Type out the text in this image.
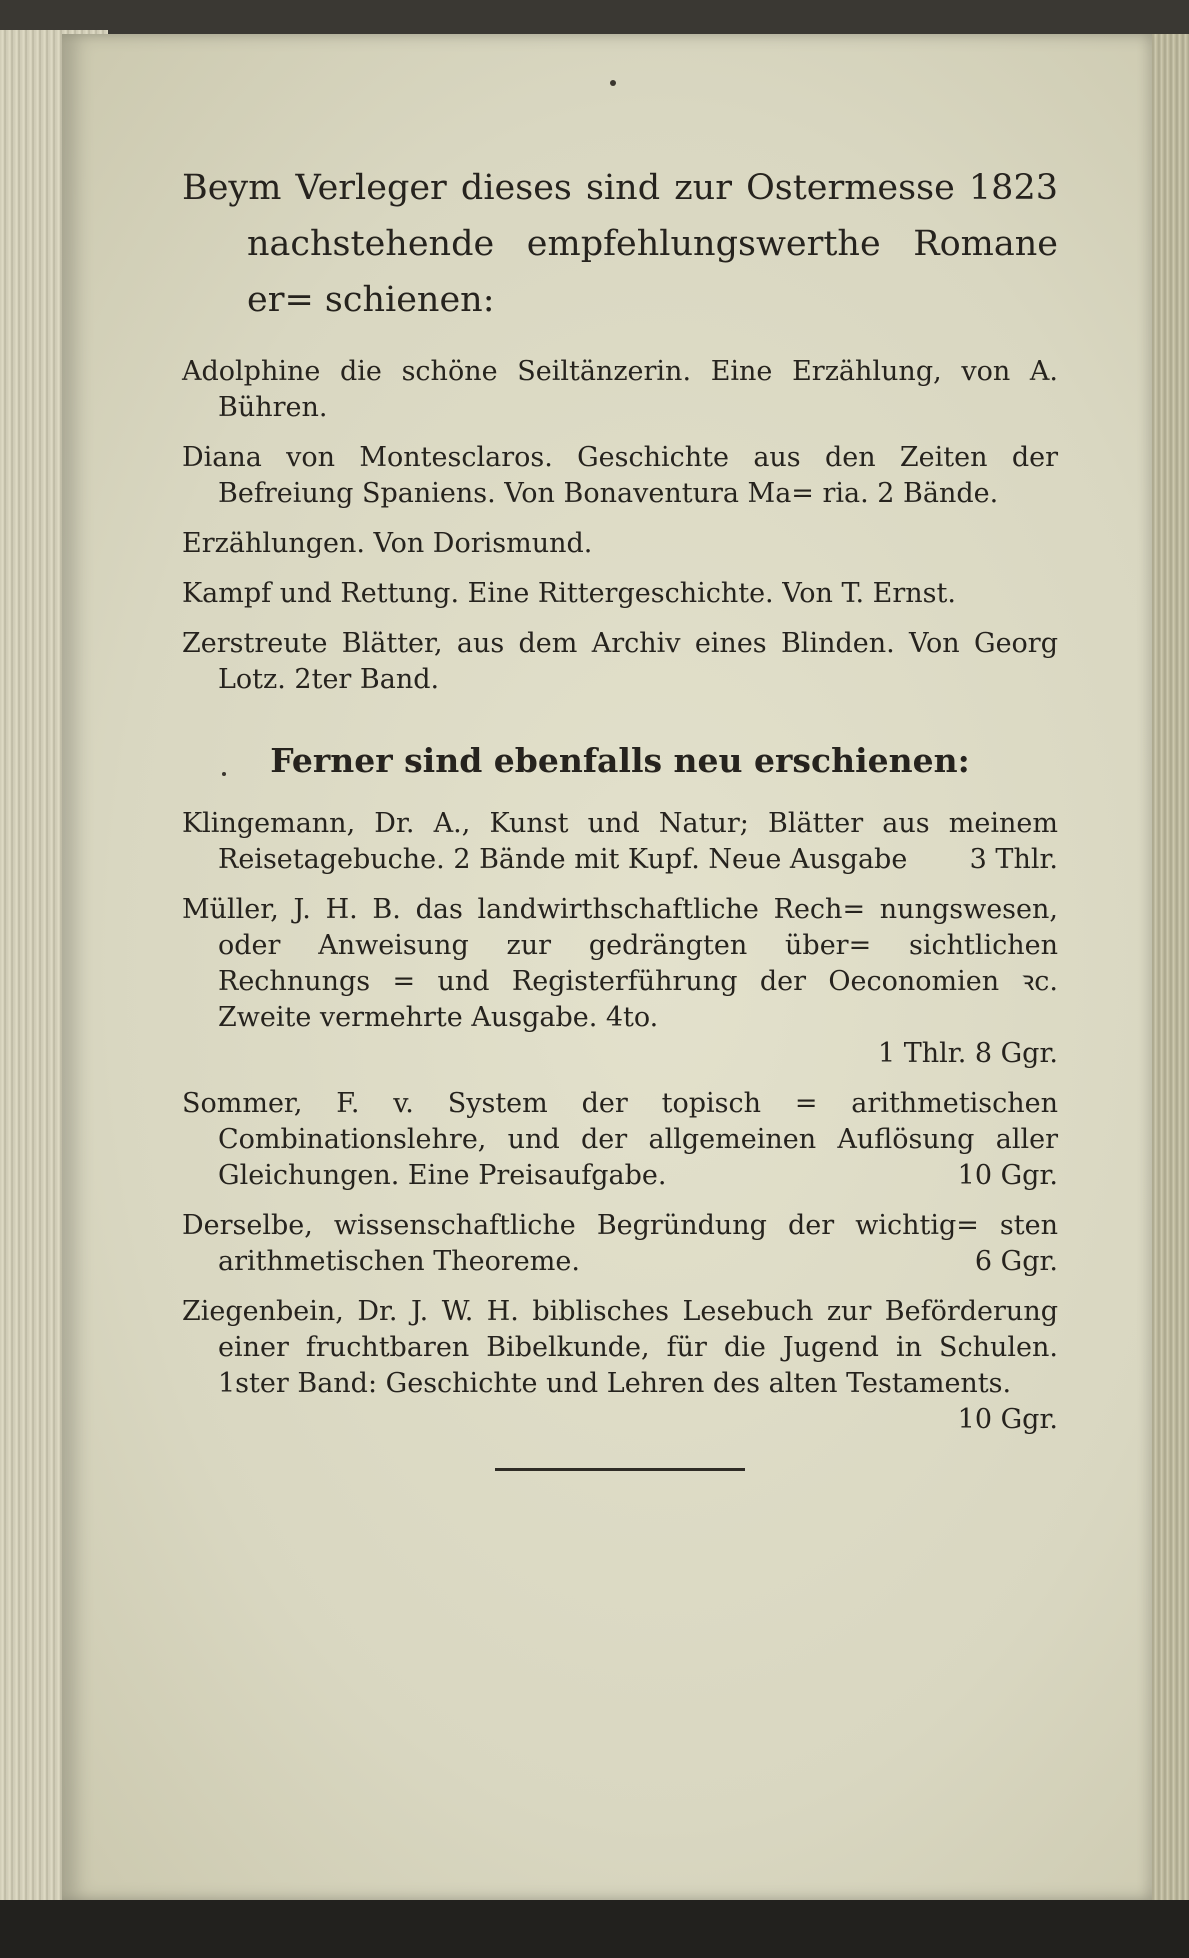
Beym Verleger dieses sind zur Ostermesse 1823 nachstehende empfehlungswerthe Romane er= schienen:

Adolphine die schöne Seiltänzerin. Eine Erzählung, von A. Bühren.

Diana von Montesclaros. Geschichte aus den Zeiten der Befreiung Spaniens. Von Bonaventura Ma= ria. 2 Bände.

Erzählungen. Von Dorismund.

Kampf und Rettung. Eine Rittergeschichte. Von T. Ernst.

Zerstreute Blätter, aus dem Archiv eines Blinden. Von Georg Lotz. 2ter Band.

Ferner sind ebenfalls neu erschienen:

Klingemann, Dr. A., Kunst und Natur; Blätter aus meinem Reisetagebuche. 2 Bände mit Kupf. Neue Ausgabe 3 Thlr.

Müller, J. H. B. das landwirthschaftliche Rech= nungswesen, oder Anweisung zur gedrängten über= sichtlichen Rechnungs = und Registerführung der Oeconomien ꝛc. Zweite vermehrte Ausgabe. 4to.
1 Thlr. 8 Ggr.

Sommer, F. v. System der topisch = arithmetischen Combinationslehre, und der allgemeinen Auflösung aller Gleichungen. Eine Preisaufgabe.	10 Ggr.

Derselbe, wissenschaftliche Begründung der wichtig= sten arithmetischen Theoreme.	6 Ggr.

Ziegenbein, Dr. J. W. H. biblisches Lesebuch zur Beförderung einer fruchtbaren Bibelkunde, für die Jugend in Schulen. 1ster Band: Geschichte und Lehren des alten Testaments.
10 Ggr.
